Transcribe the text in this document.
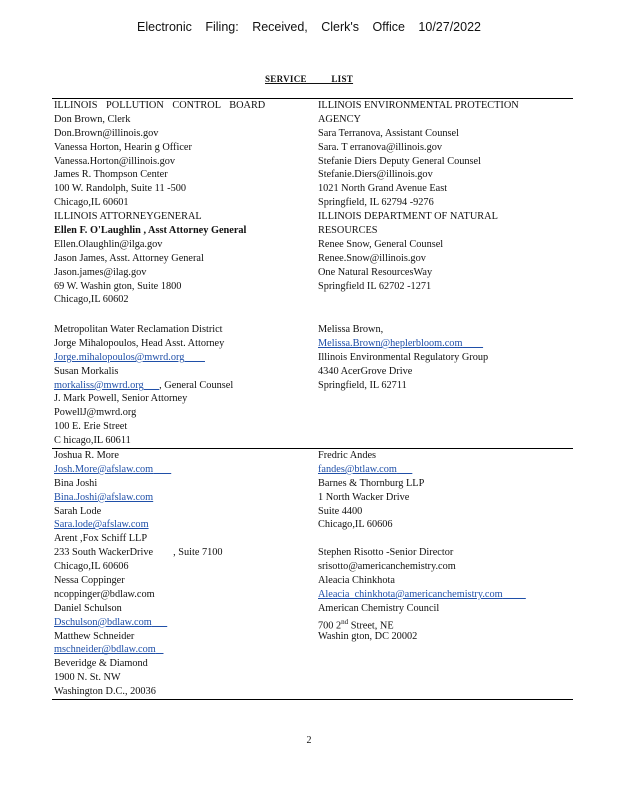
Electronic Filing: Received, Clerk's Office 10/27/2022
SERVICE LIST
ILLINOIS POLLUTION CONTROL BOARD
Don Brown, Clerk
Don.Brown@illinois.gov
Vanessa Horton, Hearin g Officer
Vanessa.Horton@illinois.gov
James R. Thompson Center
100 W. Randolph, Suite 11 -500
Chicago,IL 60601
ILLINOIS ATTORNEYGENERAL
Ellen F. O'Laughlin , Asst Attorney General
Ellen.Olaughlin@ilga.gov
Jason James, Asst. Attorney General
Jason.james@ilag.gov
69 W. Washin gton, Suite 1800
Chicago,IL 60602
ILLINOIS ENVIRONMENTAL PROTECTION
AGENCY
Sara Terranova, Assistant Counsel
Sara. T erranova@illinois.gov
Stefanie Diers Deputy General Counsel
Stefanie.Diers@illinois.gov
1021 North Grand Avenue East
Springfield, IL 62794 -9276
ILLINOIS DEPARTMENT OF NATURAL
RESOURCES
Renee Snow, General Counsel
Renee.Snow@illinois.gov
One Natural ResourcesWay
Springfield IL 62702 -1271
Metropolitan Water Reclamation District
Jorge Mihalopoulos, Head Asst. Attorney
Jorge.mihalopoulos@mwrd.org
Susan Morkalis
morkaliss@mwrd.org , General Counsel
J. Mark Powell, Senior Attorney
PowellJ@mwrd.org
100 E. Erie Street
C hicago,IL 60611
Melissa Brown,
Melissa.Brown@heplerbloom.com
Illinois Environmental Regulatory Group
4340 AcerGrove Drive
Springfield, IL 62711
Joshua R. More
Josh.More@afslaw.com
Bina Joshi
Bina.Joshi@afslaw.com
Sarah Lode
Sara.lode@afslaw.com
Arent ,Fox Schiff LLP
233 South WackerDrive , Suite 7100
Chicago,IL 60606
Nessa Coppinger
ncoppinger@bdlaw.com
Daniel Schulson
Dschulson@bdlaw.com
Matthew Schneider
mschneider@bdlaw.com
Beveridge & Diamond
1900 N. St. NW
Washington D.C., 20036
Fredric Andes
fandes@btlaw.com
Barnes & Thornburg LLP
1 North Wacker Drive
Suite 4400
Chicago,IL 60606

Stephen Risotto -Senior Director
srisotto@americanchemistry.com
Aleacia Chinkhota
Aleacia_chinkhota@americanchemistry.com
American Chemistry Council
700 2nd Street, NE
Washin gton, DC 20002
2
